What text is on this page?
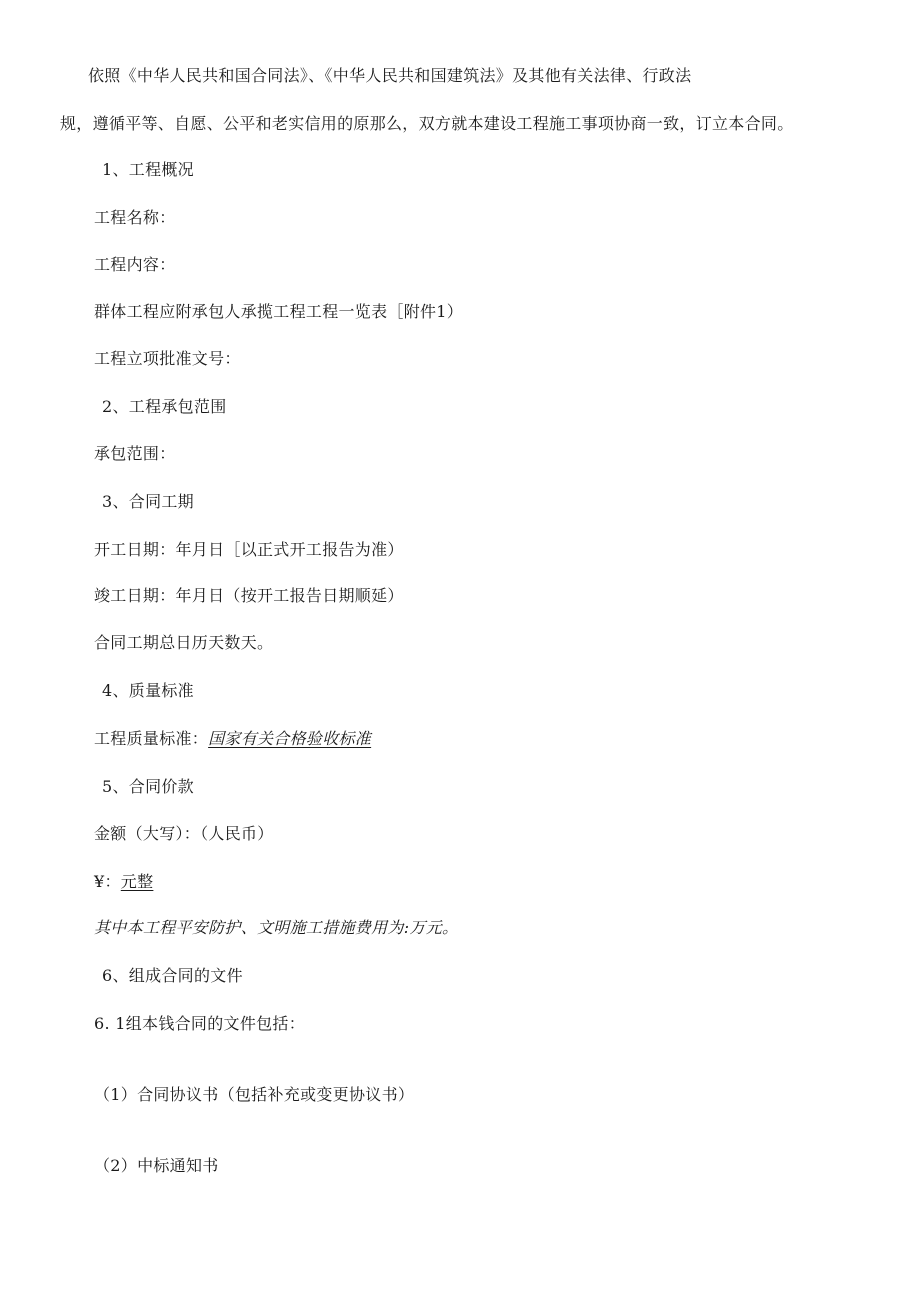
依照《中华人民共和国合同法》、《中华人民共和国建筑法》及其他有关法律、行政法
规，遵循平等、自愿、公平和老实信用的原那么，双方就本建设工程施工事项协商一致，订立本合同。
1、工程概况
工程名称：
工程内容：
群体工程应附承包人承揽工程工程一览表［附件1）
工程立项批准文号：
2、工程承包范围
承包范围：
3、合同工期
开工日期：年月日［以正式开工报告为准）
竣工日期：年月日（按开工报告日期顺延）
合同工期总日历天数天。
4、质量标准
工程质量标准：国家有关合格验收标准
5、合同价款
金额（大写）：（人民币）
¥：元整
其中本工程平安防护、文明施工措施费用为:万元。
6、组成合同的文件
6. 1组本钱合同的文件包括：
（1）合同协议书（包括补充或变更协议书）
（2）中标通知书
